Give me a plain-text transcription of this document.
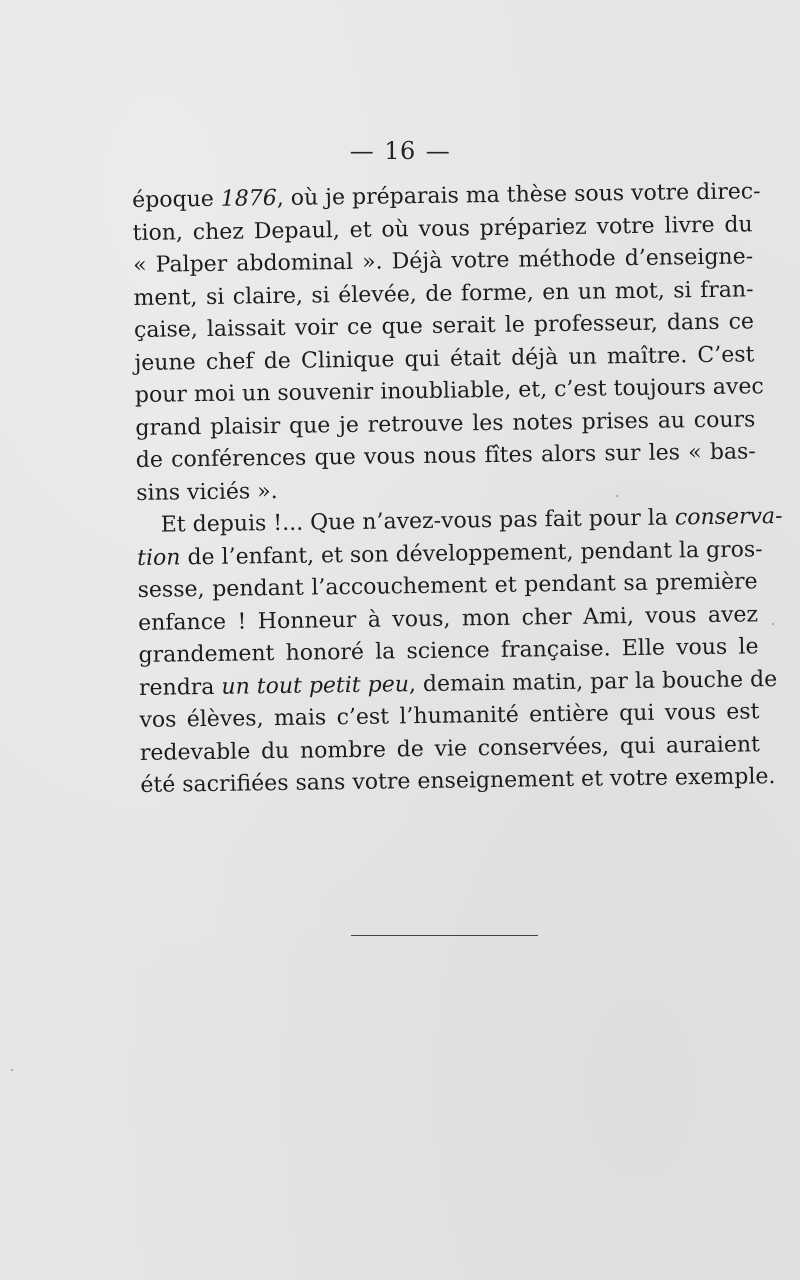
— 16 —
époque 1876, où je préparais ma thèse sous votre direc-
tion, chez Depaul, et où vous prépariez votre livre du
« Palper abdominal ». Déjà votre méthode d’enseigne-
ment, si claire, si élevée, de forme, en un mot, si fran-
çaise, laissait voir ce que serait le professeur, dans ce
jeune chef de Clinique qui était déjà un maître. C’est
pour moi un souvenir inoubliable, et, c’est toujours avec
grand plaisir que je retrouve les notes prises au cours
de conférences que vous nous fîtes alors sur les « bas-
sins viciés ».
Et depuis !... Que n’avez-vous pas fait pour la conserva-
tion de l’enfant, et son développement, pendant la gros-
sesse, pendant l’accouchement et pendant sa première
enfance ! Honneur à vous, mon cher Ami, vous avez
grandement honoré la science française. Elle vous le
rendra un tout petit peu, demain matin, par la bouche de
vos élèves, mais c’est l’humanité entière qui vous est
redevable du nombre de vie conservées, qui auraient
été sacrifiées sans votre enseignement et votre exemple.
